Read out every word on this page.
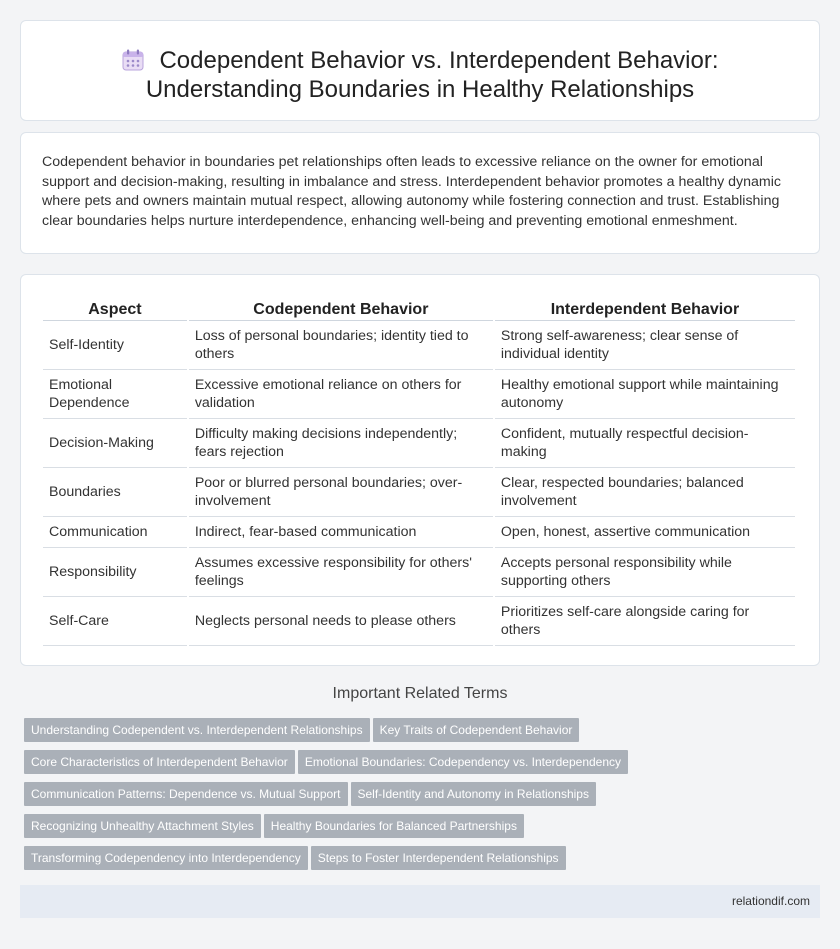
Codependent Behavior vs. Interdependent Behavior:
Understanding Boundaries in Healthy Relationships

Codependent behavior in boundaries pet relationships often leads to excessive reliance on the owner for emotional support and decision-making, resulting in imbalance and stress. Interdependent behavior promotes a healthy dynamic where pets and owners maintain mutual respect, allowing autonomy while fostering connection and trust. Establishing clear boundaries helps nurture interdependence, enhancing well-being and preventing emotional enmeshment.

Aspect	Codependent Behavior	Interdependent Behavior
Self-Identity	Loss of personal boundaries; identity tied to others	Strong self-awareness; clear sense of individual identity
Emotional Dependence	Excessive emotional reliance on others for validation	Healthy emotional support while maintaining autonomy
Decision-Making	Difficulty making decisions independently; fears rejection	Confident, mutually respectful decision-making
Boundaries	Poor or blurred personal boundaries; over-involvement	Clear, respected boundaries; balanced involvement
Communication	Indirect, fear-based communication	Open, honest, assertive communication
Responsibility	Assumes excessive responsibility for others' feelings	Accepts personal responsibility while supporting others
Self-Care	Neglects personal needs to please others	Prioritizes self-care alongside caring for others
Important Related Terms
Understanding Codependent vs. Interdependent Relationships Key Traits of Codependent Behavior
Core Characteristics of Interdependent Behavior Emotional Boundaries: Codependency vs. Interdependency
Communication Patterns: Dependence vs. Mutual Support Self-Identity and Autonomy in Relationships
Recognizing Unhealthy Attachment Styles Healthy Boundaries for Balanced Partnerships
Transforming Codependency into Interdependency Steps to Foster Interdependent Relationships
relationdif.com
